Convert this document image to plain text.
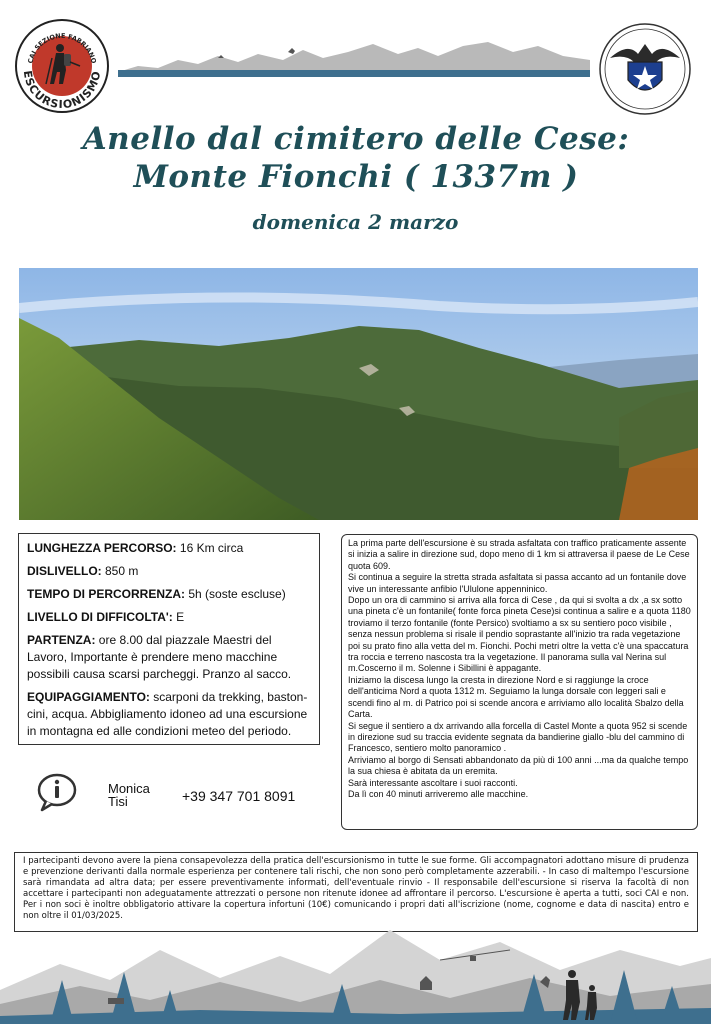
CAI SEZIONE FABRIANO
ESCURSIONISMO
Anello dal cimitero delle Cese:
Monte Fionchi ( 1337m )
domenica 2 marzo

LUNGHEZZA PERCORSO: 16 Km circa

DISLIVELLO: 850 m

TEMPO DI PERCORRENZA: 5h (soste escluse)

LIVELLO DI DIFFICOLTA': E

PARTENZA: ore 8.00 dal piazzale Maestri del Lavoro, Importante è prendere meno macchine possibili causa scarsi parcheggi. Pranzo al sacco.

EQUIPAGGIAMENTO: scarponi da trekking, baston-cini, acqua. Abbigliamento idoneo ad una escursione in montagna ed alle condizioni meteo del periodo.

La prima parte dell'escursione è su strada asfaltata con traffico praticamente assente si inizia a salire in direzione sud, dopo meno di 1 km si attraversa il paese de Le Cese quota 609.

Si continua a seguire la stretta strada asfaltata si passa accanto ad un fontanile dove vive un interessante anfibio l'Ululone appenninico.

Dopo un ora di cammino si arriva alla forca di Cese , da qui si svolta a dx ,a sx sotto una pineta c'è un fontanile( fonte forca pineta Cese)si continua a salire e a quota 1180 troviamo il terzo fontanile (fonte Persico) svoltiamo a sx su sentiero poco visibile , senza nessun problema si risale il pendio soprastante all'inizio tra rada vegetazione poi su prato fino alla vetta del m. Fionchi. Pochi metri oltre la vetta c'è una spaccatura tra roccia e terreno nascosta tra la vegetazione. Il panorama sulla val Nerina sul m.Coscerno il m. Solenne i Sibillini è appagante.

Iniziamo la discesa lungo la cresta in direzione Nord e si raggiunge la croce dell'anticima Nord a quota 1312 m. Seguiamo la lunga dorsale con leggeri sali e scendi fino al m. di Patrico poi si scende ancora e arriviamo allo località Sbalzo della Carta.

Si segue il sentiero a dx arrivando alla forcella di Castel Monte a quota 952 si scende in direzione sud su traccia evidente segnata da bandierine giallo -blu del cammino di Francesco, sentiero molto panoramico .

Arriviamo al borgo di Sensati abbandonato da più di 100 anni ...ma da qualche tempo la sua chiesa è abitata da un eremita.

Sarà interessante ascoltare i suoi racconti.

Da lì con 40 minuti arriveremo alle macchine.

Monica
Tisi	+39 347 701 8091
I partecipanti devono avere la piena consapevolezza della pratica dell'escursionismo in tutte le sue forme. Gli accompagnatori adottano misure di prudenza e prevenzione derivanti dalla normale esperienza per contenere tali rischi, che non sono però completamente azzerabili. - In caso di maltempo l'escursione sarà rimandata ad altra data; per essere preventivamente informati, dell'eventuale rinvio - Il responsabile dell'escursione si riserva la facoltà di non accettare i partecipanti non adeguatamente attrezzati o persone non ritenute idonee ad affrontare il percorso. L'escursione è aperta a tutti, soci CAI e non. Per i non soci è inoltre obbligatorio attivare la copertura infortuni (10€) comunicando i propri dati all'iscrizione (nome, cognome e data di nascita) entro e non oltre il 01/03/2025.
